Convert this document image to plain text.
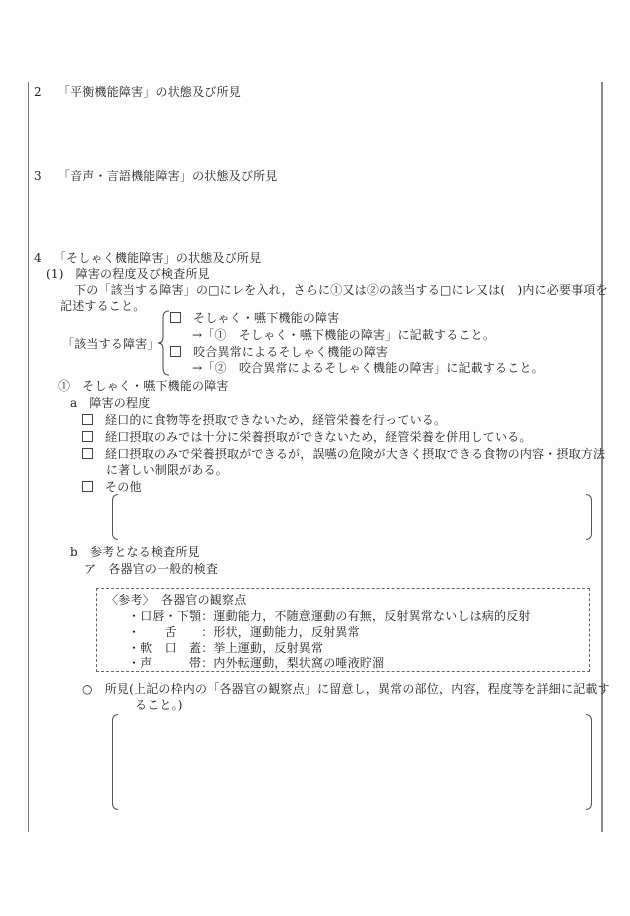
2 「平衡機能障害」の状態及び所見
3 「音声・言語機能障害」の状態及び所見
4 「そしゃく機能障害」の状態及び所見
(1) 障害の程度及び検査所見
下の「該当する障害」の□にレを入れ，さらに①又は②の該当する□にレ又は(　)内に必要事項を
記述すること。
「該当する障害」
そしゃく・嚥下機能の障害
→「①　そしゃく・嚥下機能の障害」に記載すること。
咬合異常によるそしゃく機能の障害
→「②　咬合異常によるそしゃく機能の障害」に記載すること。
① そしゃく・嚥下機能の障害
a 障害の程度
経口的に食物等を摂取できないため，経管栄養を行っている。
経口摂取のみでは十分に栄養摂取ができないため，経管栄養を併用している。
経口摂取のみで栄養摂取ができるが，誤嚥の危険が大きく摂取できる食物の内容・摂取方法
に著しい制限がある。
その他
b 参考となる検査所見
ア 各器官の一般的検査
〈参考〉　各器官の観察点
・口唇・下顎：運動能力，不随意運動の有無，反射異常ないしは病的反射
・　　舌　　：形状，運動能力，反射異常
・軟　口　蓋：挙上運動，反射異常
・声　　　帯：内外転運動，梨状窩の唾液貯溜
○ 所見(上記の枠内の「各器官の観察点」に留意し，異常の部位，内容，程度等を詳細に記載す
ること。)
